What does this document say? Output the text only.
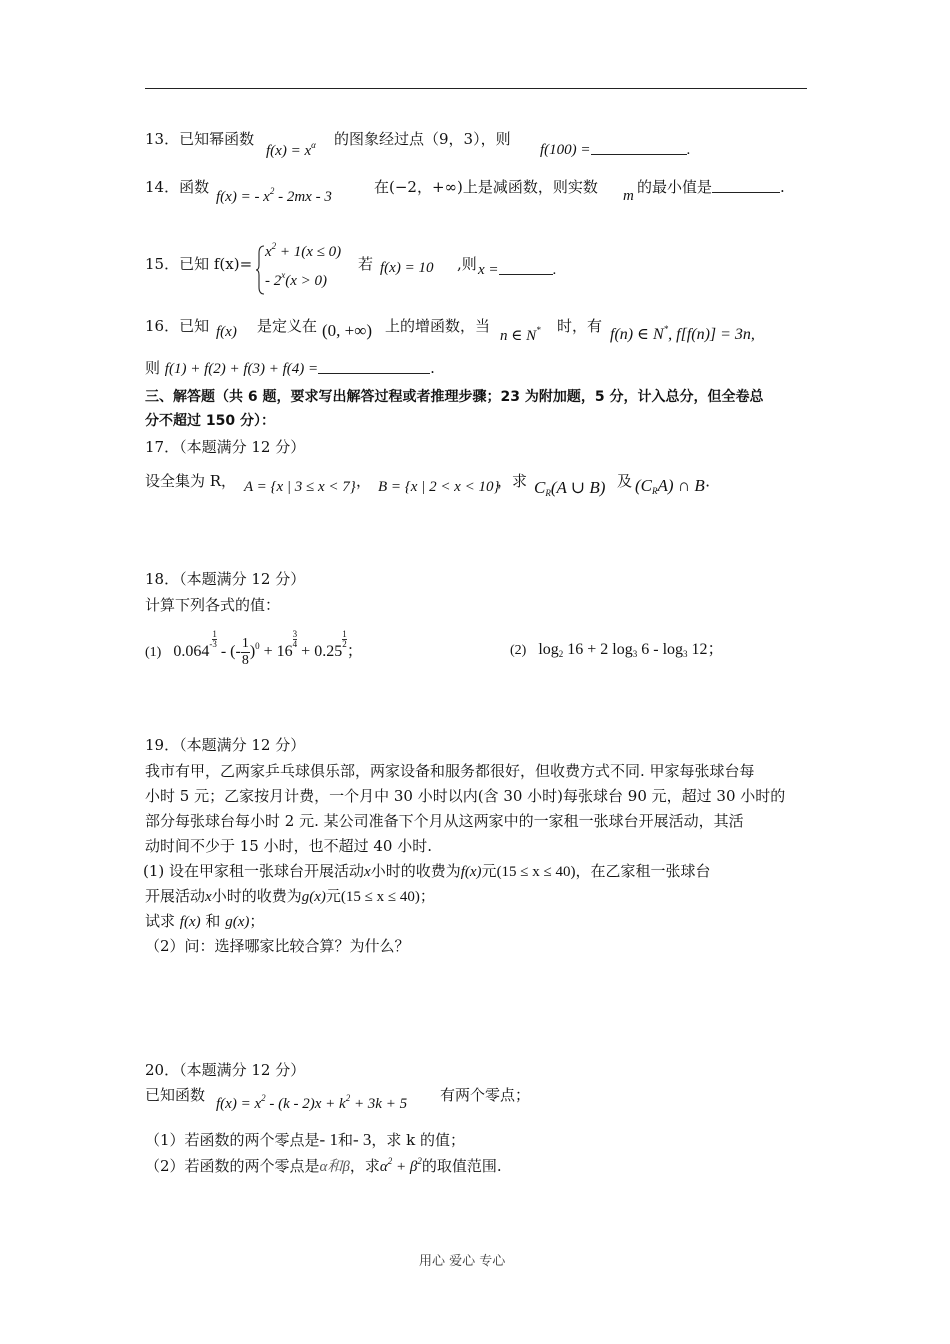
13．已知幂函数
$f(x) = x^\alpha$ 的图象经过点（9，3），则
f(100) =	.
14．函数
f(x) = - $x^2 - 2mx - 3$
在(−2，+∞)上是减函数，则实数 m 的最小值是	.
15．已知 f(x)=
$x^2 + 1(x \le 0)$
- $2^x(x > 0)$
若 f(x) = 10 ,则 x =	.
16．已知 f(x) 是定义在 (0, +∞) 上的增函数，当
n ∈ N* 时，有 f(n) ∈ N*, f[f(n)] = 3n,
则 f(1) + f(2) + f(3) + f(4) =	.
三、解答题（共 6 题，要求写出解答过程或者推理步骤；23 为附加题，5 分，计入总分，但全卷总
分不超过 150 分）：
17．（本题满分 12 分）
设全集为 R， A = {x | 3 ≤ x < 7} ， B = {x | 2 < x < 10}
，求 $C_R(A$ ∪ B) 及 $(C_RA)$ ∩ B·
18．（本题满分 12 分）
计算下列各式的值：
(1) $0.064- \frac{1}{3}$
- (- $\frac{1}{8} )^0 + 16$
$\frac{3}{4}$
+ 0.25
$\frac{1}{2}$
；	(2) $\log_2 16 + 2$ $\log_3 6 - \log_3 12$；
19．（本题满分 12 分）
我市有甲，乙两家乒乓球俱乐部，两家设备和服务都很好，但收费方式不同. 甲家每张球台每
小时 5 元；乙家按月计费，一个月中 30 小时以内(含 30 小时)每张球台 90 元，超过 30 小时的
部分每张球台每小时 2 元. 某公司准备下个月从这两家中的一家租一张球台开展活动，其活
动时间不少于 15 小时，也不超过 40 小时.
(1) 设在甲家租一张球台开展活动x小时的收费为f(x)元(15 ≤ x ≤ 40)，在乙家租一张球台
开展活动x小时的收费为g(x)元(15 ≤ x ≤ 40)；
试求 f(x) 和 g(x)；
（2）问：选择哪家比较合算？为什么？
20．（本题满分 12 分）
已知函数 $f(x) = x^2 - (k - 2)x + k^2 + 3k + 5$ 有两个零点；
（1）若函数的两个零点是- 1和- 3，求 k 的值；
（2）若函数的两个零点是α和β，求$\alpha^2 + \beta^2$的取值范围.
用心 爱心 专心
